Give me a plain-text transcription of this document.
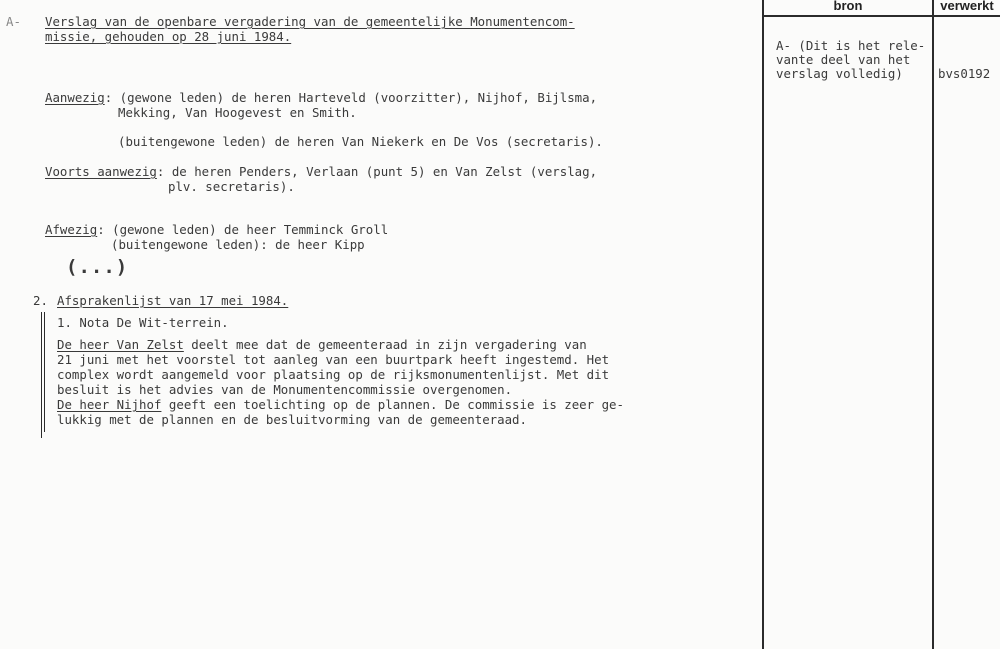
A- Verslag van de openbare vergadering van de gemeentelijke Monumentencom-
missie, gehouden op 28 juni 1984.
Aanwezig: (gewone leden) de heren Harteveld (voorzitter), Nijhof, Bijlsma,
Mekking, Van Hoogevest en Smith.
(buitengewone leden) de heren Van Niekerk en De Vos (secretaris).
Voorts aanwezig: de heren Penders, Verlaan (punt 5) en Van Zelst (verslag,
plv. secretaris).
Afwezig: (gewone leden) de heer Temminck Groll
(buitengewone leden): de heer Kipp
(...)
2. Afsprakenlijst van 17 mei 1984.
1. Nota De Wit-terrein.
De heer Van Zelst deelt mee dat de gemeenteraad in zijn vergadering van
21 juni met het voorstel tot aanleg van een buurtpark heeft ingestemd. Het
complex wordt aangemeld voor plaatsing op de rijksmonumentenlijst. Met dit
besluit is het advies van de Monumentencommissie overgenomen.
De heer Nijhof geeft een toelichting op de plannen. De commissie is zeer ge-
lukkig met de plannen en de besluitvorming van de gemeenteraad.
bron	verwerkt
A- (Dit is het rele-
vante deel van het
verslag volledig)	bvs0192
